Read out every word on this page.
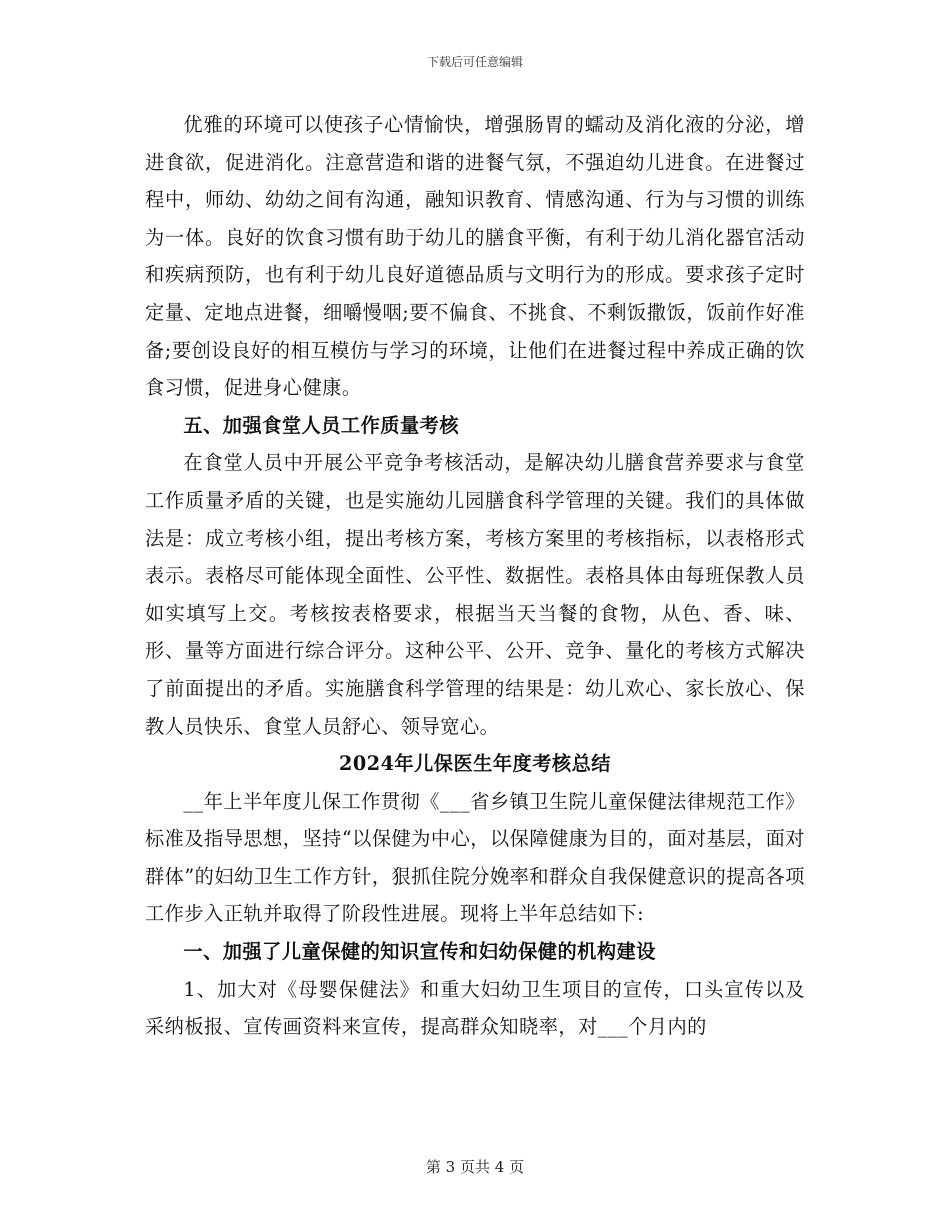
下载后可任意编辑

优雅的环境可以使孩子心情愉快，增强肠胃的蠕动及消化液的分泌，增进食欲，促进消化。注意营造和谐的进餐气氛，不强迫幼儿进食。在进餐过程中，师幼、幼幼之间有沟通，融知识教育、情感沟通、行为与习惯的训练为一体。良好的饮食习惯有助于幼儿的膳食平衡，有利于幼儿消化器官活动和疾病预防，也有利于幼儿良好道德品质与文明行为的形成。要求孩子定时定量、定地点进餐，细嚼慢咽;要不偏食、不挑食、不剩饭撒饭，饭前作好准备;要创设良好的相互模仿与学习的环境，让他们在进餐过程中养成正确的饮食习惯，促进身心健康。

五、加强食堂人员工作质量考核

在食堂人员中开展公平竞争考核活动，是解决幼儿膳食营养要求与食堂工作质量矛盾的关键，也是实施幼儿园膳食科学管理的关键。我们的具体做法是：成立考核小组，提出考核方案，考核方案里的考核指标，以表格形式表示。表格尽可能体现全面性、公平性、数据性。表格具体由每班保教人员如实填写上交。考核按表格要求，根据当天当餐的食物，从色、香、味、形、量等方面进行综合评分。这种公平、公开、竞争、量化的考核方式解决了前面提出的矛盾。实施膳食科学管理的结果是：幼儿欢心、家长放心、保教人员快乐、食堂人员舒心、领导宽心。

2024年儿保医生年度考核总结

__年上半年度儿保工作贯彻《___省乡镇卫生院儿童保健法律规范工作》标准及指导思想，坚持“以保健为中心，以保障健康为目的，面对基层，面对群体”的妇幼卫生工作方针，狠抓住院分娩率和群众自我保健意识的提高各项工作步入正轨并取得了阶段性进展。现将上半年总结如下:

一、加强了儿童保健的知识宣传和妇幼保健的机构建设

1、加大对《母婴保健法》和重大妇幼卫生项目的宣传，口头宣传以及采纳板报、宣传画资料来宣传，提高群众知晓率，对___个月内的

第 3 页共 4 页
